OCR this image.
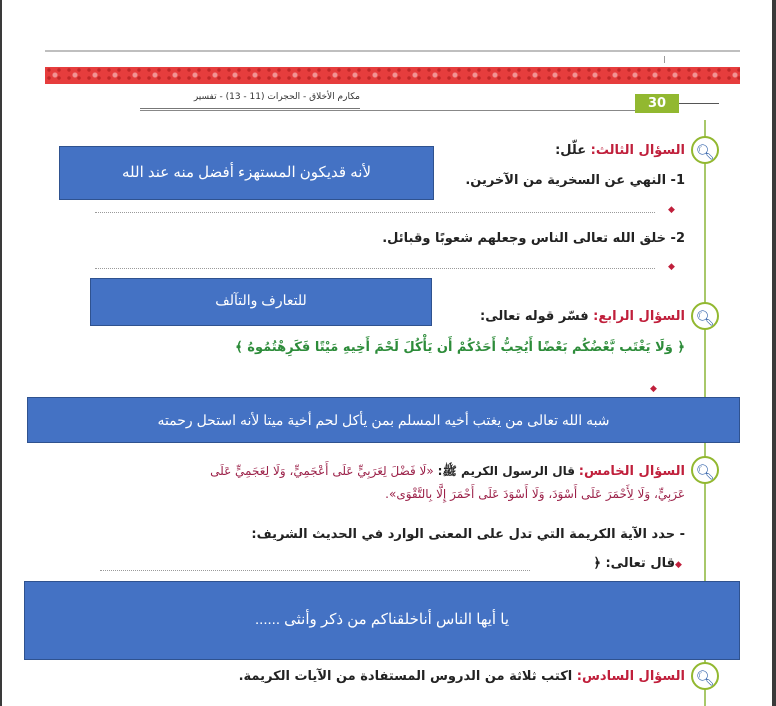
مكارم الأخلاق - الحجرات (11 - 13) - تفسير	30
🔍︎
السؤال الثالث: علّل:
1- النهي عن السخرية من الآخرين.
◆
2- خلق الله تعالى الناس وجعلهم شعوبًا وقبائل.
◆
🔍︎
السؤال الرابع: فسّر قوله تعالى:
﴿ وَلَا يَغْتَب بَّعْضُكُم بَعْضًا أَيُحِبُّ أَحَدُكُمْ أَن يَأْكُلَ لَحْمَ أَخِيهِ مَيْتًا فَكَرِهْتُمُوهُ ﴾
◆
🔍︎
السؤال الخامس: قال الرسول الكريم ﷺ: «لَا فَضْلَ لِعَرَبِيٍّ عَلَى أَعْجَمِيٍّ، وَلَا لِعَجَمِيٍّ عَلَى
عَرَبِيٍّ، وَلَا لِأَحْمَرَ عَلَى أَسْوَدَ، وَلَا أَسْوَدَ عَلَى أَحْمَرَ إِلَّا بِالتَّقْوَى».
- حدد الآية الكريمة التي تدل على المعنى الوارد في الحديث الشريف:
قال تعالى: ﴿ ◆
🔍︎
السؤال السادس: اكتب ثلاثة من الدروس المستفادة من الآيات الكريمة.
لأنه قديكون المستهزء أفضل منه عند الله
للتعارف والتآلف
شبه الله تعالى من يغتب أخيه المسلم بمن يأكل لحم أخية ميتا لأنه استحل رحمته
يا أيها الناس أناخلقناكم من ذكر وأنثى ......
